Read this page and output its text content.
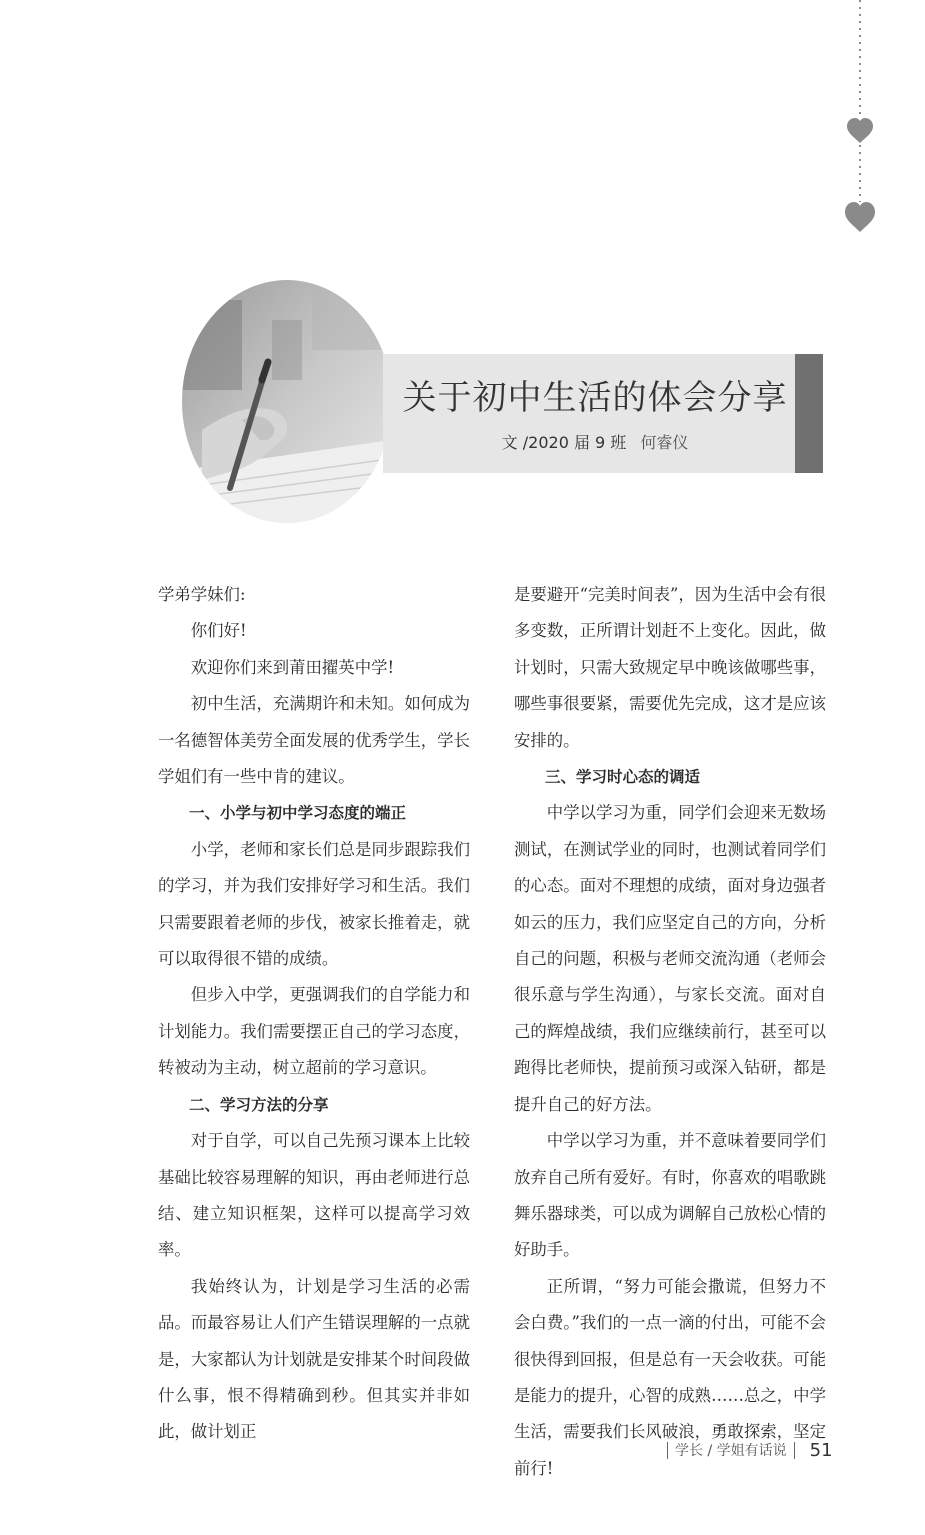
关于初中生活的体会分享
文 /2020 届 9 班 何睿仪

学弟学妹们:

你们好!

欢迎你们来到莆田擢英中学!

初中生活，充满期许和未知。如何成为一名德智体美劳全面发展的优秀学生，学长学姐们有一些中肯的建议。

一、小学与初中学习态度的端正

小学，老师和家长们总是同步跟踪我们的学习，并为我们安排好学习和生活。我们只需要跟着老师的步伐，被家长推着走，就可以取得很不错的成绩。

但步入中学，更强调我们的自学能力和计划能力。我们需要摆正自己的学习态度，转被动为主动，树立超前的学习意识。

二、学习方法的分享

对于自学，可以自己先预习课本上比较基础比较容易理解的知识，再由老师进行总结、建立知识框架，这样可以提高学习效率。

我始终认为，计划是学习生活的必需品。而最容易让人们产生错误理解的一点就是，大家都认为计划就是安排某个时间段做什么事，恨不得精确到秒。但其实并非如此，做计划正

是要避开“完美时间表”，因为生活中会有很多变数，正所谓计划赶不上变化。因此，做计划时，只需大致规定早中晚该做哪些事，哪些事很要紧，需要优先完成，这才是应该安排的。

三、学习时心态的调适

中学以学习为重，同学们会迎来无数场测试，在测试学业的同时，也测试着同学们的心态。面对不理想的成绩，面对身边强者如云的压力，我们应坚定自己的方向，分析自己的问题，积极与老师交流沟通（老师会很乐意与学生沟通），与家长交流。面对自己的辉煌战绩，我们应继续前行，甚至可以跑得比老师快，提前预习或深入钻研，都是提升自己的好方法。

中学以学习为重，并不意味着要同学们放弃自己所有爱好。有时，你喜欢的唱歌跳舞乐器球类，可以成为调解自己放松心情的好助手。

正所谓，“努力可能会撒谎，但努力不会白费。”我们的一点一滴的付出，可能不会很快得到回报，但是总有一天会收获。可能是能力的提升，心智的成熟……总之，中学生活，需要我们长风破浪，勇敢探索，坚定前行!

学长 / 学姐有话说 51
